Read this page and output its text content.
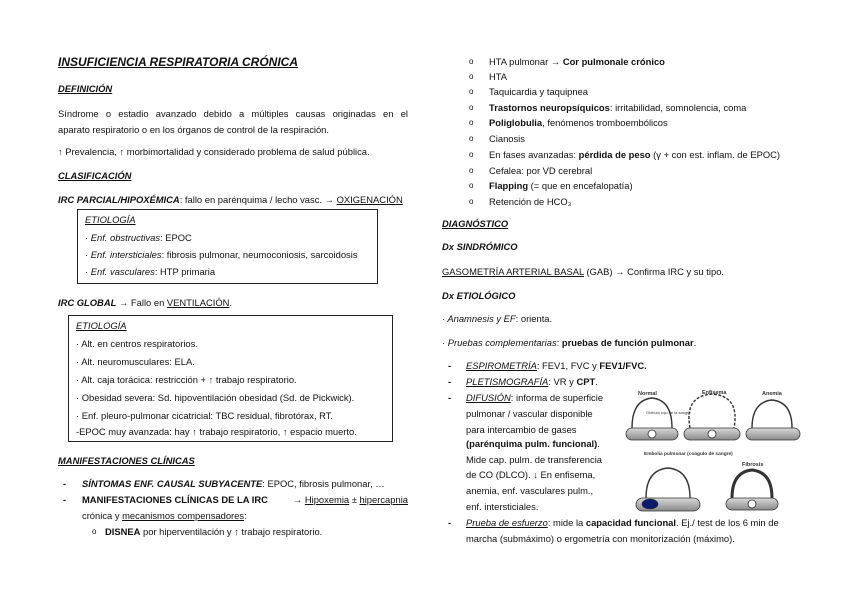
INSUFICIENCIA RESPIRATORIA CRÓNICA
DEFINICIÓN
Síndrome o estadio avanzado debido a múltiples causas originadas en el
aparato respiratorio o en los órganos de control de la respiración.
↑ Prevalencia, ↑ morbimortalidad y considerado problema de salud pública.
CLASIFICACIÓN
IRC PARCIAL/HIPOXÉMICA: fallo en parénquima / lecho vasc. → OXIGENACIÓN
ETIOLOGÍA
· Enf. obstructivas: EPOC
· Enf. intersticiales: fibrosis pulmonar, neumoconiosis, sarcoidosis
· Enf. vasculares: HTP primaria
IRC GLOBAL → Fallo en VENTILACIÓN.
ETIOLOGÍA
· Alt. en centros respiratorios.
· Alt. neuromusculares: ELA.
· Alt. caja torácica: restricción + ↑ trabajo respiratorio.
· Obesidad severa: Sd. hipoventilación obesidad (Sd. de Pickwick).
· Enf. pleuro-pulmonar cicatricial: TBC residual, fibrotórax, RT.
-EPOC muy avanzada: hay ↑ trabajo respiratorio, ↑ espacio muerto.
MANIFESTACIONES CLÍNICAS
- SÍNTOMAS ENF. CAUSAL SUBYACENTE: EPOC, fibrosis pulmonar, …
- MANIFESTACIONES CLÍNICAS DE LA IRC	→ Hipoxemia ± hipercapnia
crónica y mecanismos compensadores:
o DISNEA por hiperventilación y ↑ trabajo respiratorio.
o HTA pulmonar → Cor pulmonale crónico
o HTA
o Taquicardia y taquipnea
o Trastornos neuropsíquicos: irritabilidad, somnolencia, coma
o Poliglobulia, fenómenos tromboembólicos
o Cianosis
o En fases avanzadas: pérdida de peso (γ + con est. inflam. de EPOC)
o Cefalea: por VD cerebral
o Flapping (= que en encefalopatía)
o Retención de HCO₃
DIAGNÓSTICO
Dx SINDRÓMICO
GASOMETRÍA ARTERIAL BASAL (GAB) → Confirma IRC y su tipo.
Dx ETIOLÓGICO
· Anamnesis y EF: orienta.
· Pruebas complementarias: pruebas de función pulmonar.
- ESPIROMETRÍA: FEV1, FVC y FEV1/FVC.
- PLETISMOGRAFÍA: VR y CPT.
- DIFUSIÓN: informa de superficie
pulmonar / vascular disponible
para intercambio de gases
(parénquima pulm. funcional).
Mide cap. pulm. de transferencia
de CO (DLCO). ↓ En enfisema,
anemia, enf. vasculares pulm.,
enf. intersticiales.
Normal
Glóbulo rojo de la sangre
Enfisema	Anemia
Embolia pulmonar (coágulo de sangre)
Fibrosis
- Prueba de esfuerzo: mide la capacidad funcional. Ej./ test de los 6 min de
marcha (submáximo) o ergometría con monitorización (máximo).
